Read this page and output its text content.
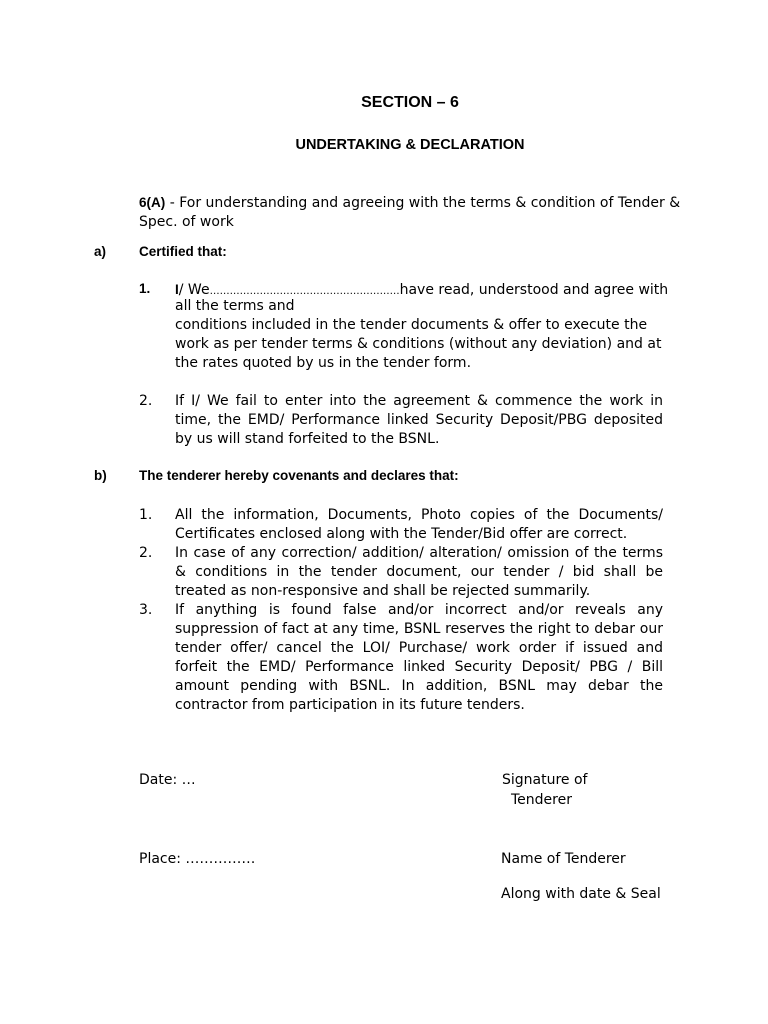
SECTION – 6
UNDERTAKING & DECLARATION
6(A) - For understanding and agreeing with the terms & condition of Tender & Spec. of work
a) Certified that:
1. I/ We…………………………………………………have read, understood and agree with
all the terms and
conditions included in the tender documents & offer to execute the work as per tender terms & conditions (without any deviation) and at the rates quoted by us in the tender form.
2. If I/ We fail to enter into the agreement & commence the work in time, the EMD/ Performance linked Security Deposit/PBG deposited by us will stand forfeited to the BSNL.
b) The tenderer hereby covenants and declares that:
1. All the information, Documents, Photo copies of the Documents/ Certificates enclosed along with the Tender/Bid offer are correct.
2. In case of any correction/ addition/ alteration/ omission of the terms & conditions in the tender document, our tender / bid shall be treated as non-responsive and shall be rejected summarily.
3. If anything is found false and/or incorrect and/or reveals any suppression of fact at any time, BSNL reserves the right to debar our tender offer/ cancel the LOI/ Purchase/ work order if issued and forfeit the EMD/ Performance linked Security Deposit/ PBG / Bill amount pending with BSNL. In addition, BSNL may debar the contractor from participation in its future tenders.
Date: …	Signature of
Tenderer
Place: ……………	Name of Tenderer
Along with date & Seal
